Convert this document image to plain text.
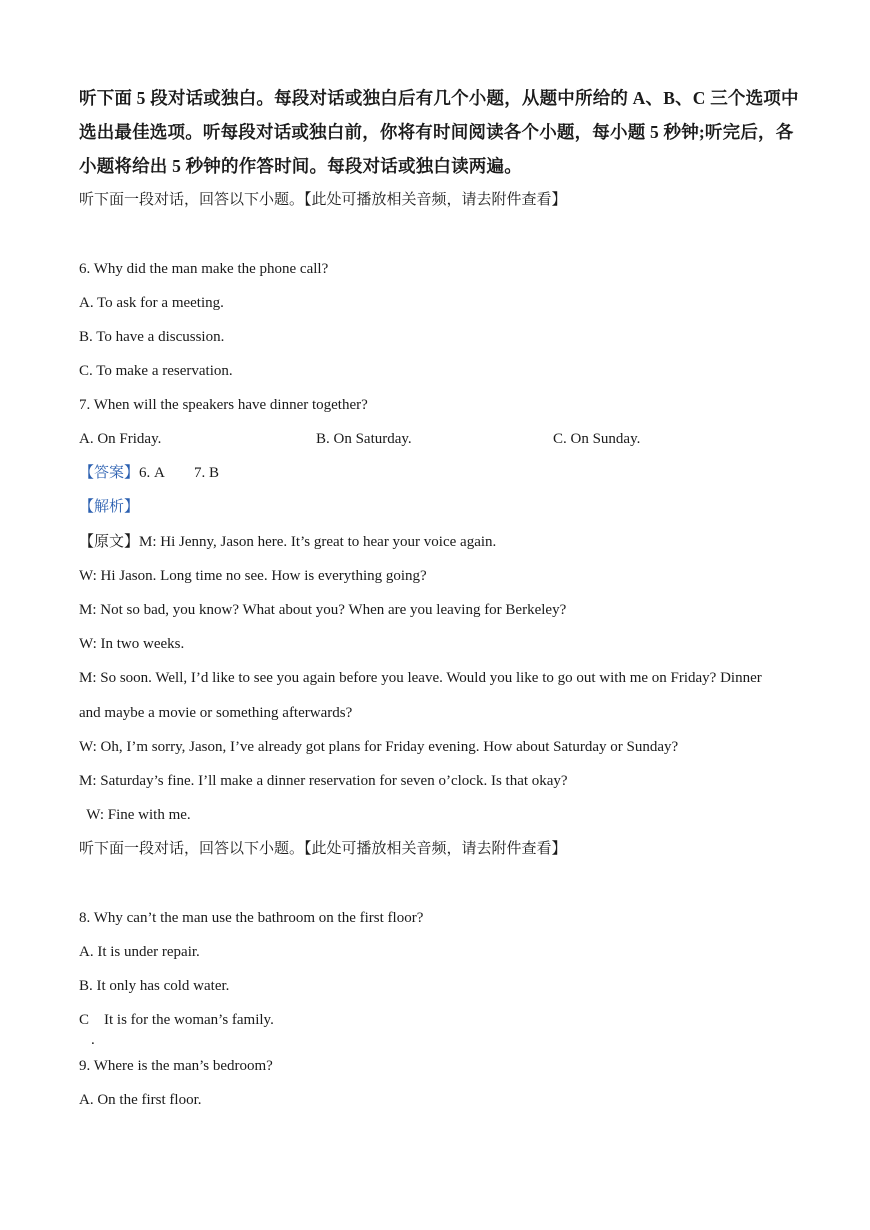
听下面 5 段对话或独白。每段对话或独白后有几个小题，从题中所给的 A、B、C 三个选项中
选出最佳选项。听每段对话或独白前，你将有时间阅读各个小题，每小题 5 秒钟;听完后，各
小题将给出 5 秒钟的作答时间。每段对话或独白读两遍。
听下面一段对话，回答以下小题。【此处可播放相关音频，请去附件查看】
6. Why did the man make the phone call?
A. To ask for a meeting.
B. To have a discussion.
C. To make a reservation.
7. When will the speakers have dinner together?
A. On Friday.	B. On Saturday.	C. On Sunday.
【答案】6. A        7. B
【解析】
【原文】M: Hi Jenny, Jason here. It’s great to hear your voice again.
W: Hi Jason. Long time no see. How is everything going?
M: Not so bad, you know? What about you? When are you leaving for Berkeley?
W: In two weeks.
M: So soon. Well, I’d like to see you again before you leave. Would you like to go out with me on Friday? Dinner
and maybe a movie or something afterwards?
W: Oh, I’m sorry, Jason, I’ve already got plans for Friday evening. How about Saturday or Sunday?
M: Saturday’s fine. I’ll make a dinner reservation for seven o’clock. Is that okay?
W: Fine with me.
听下面一段对话，回答以下小题。【此处可播放相关音频，请去附件查看】
8. Why can’t the man use the bathroom on the first floor?
A. It is under repair.
B. It only has cold water.
C    It is for the woman’s family.
.
9. Where is the man’s bedroom?
A. On the first floor.
